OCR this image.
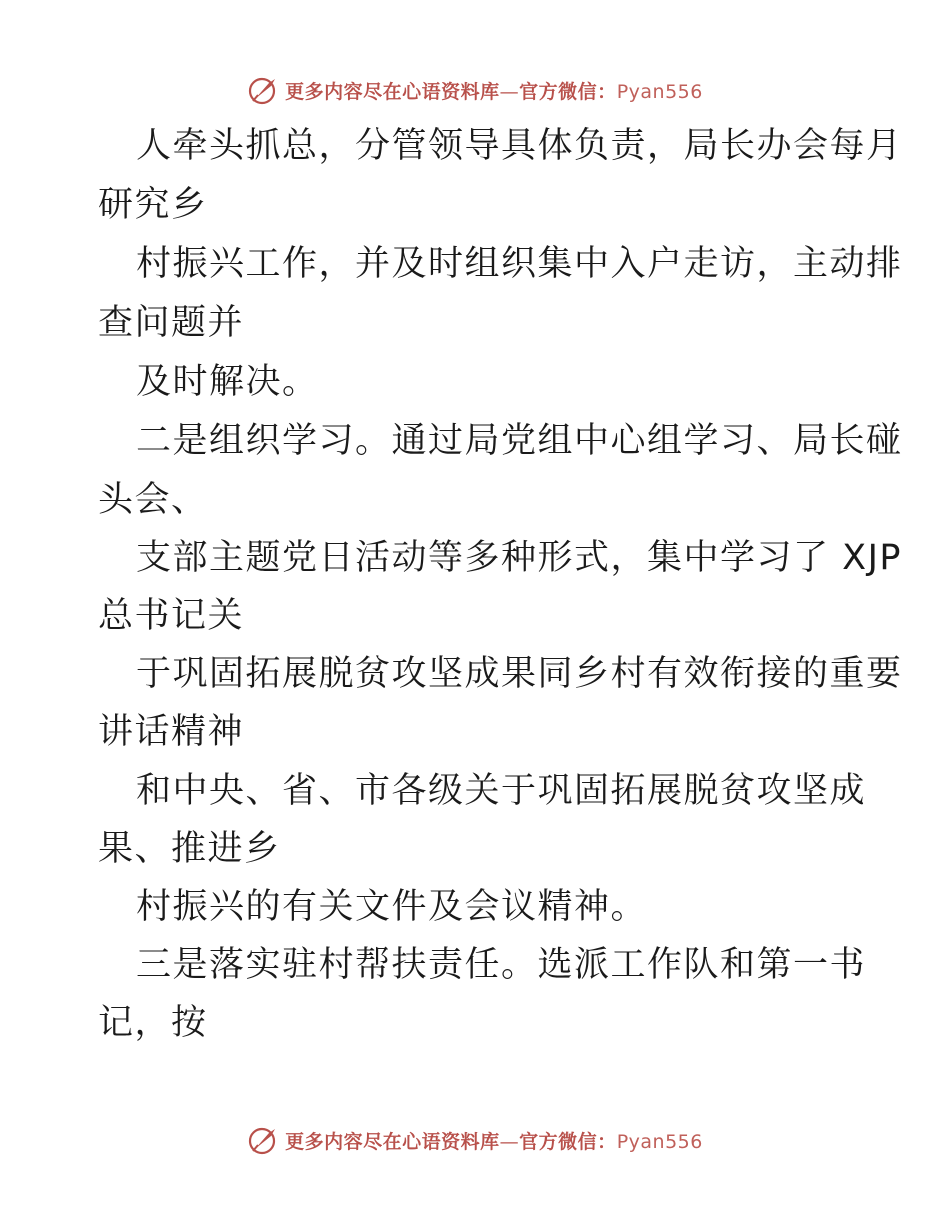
更多内容尽在心语资料库—官方微信：Pyan556
人牵头抓总，分管领导具体负责，局长办会每月
研究乡
村振兴工作，并及时组织集中入户走访，主动排
查问题并
及时解决。
二是组织学习。通过局党组中心组学习、局长碰
头会、
支部主题党日活动等多种形式，集中学习了 XJP
总书记关
于巩固拓展脱贫攻坚成果同乡村有效衔接的重要
讲话精神
和中央、省、市各级关于巩固拓展脱贫攻坚成
果、推进乡
村振兴的有关文件及会议精神。
三是落实驻村帮扶责任。选派工作队和第一书
记，按
更多内容尽在心语资料库—官方微信：Pyan556
